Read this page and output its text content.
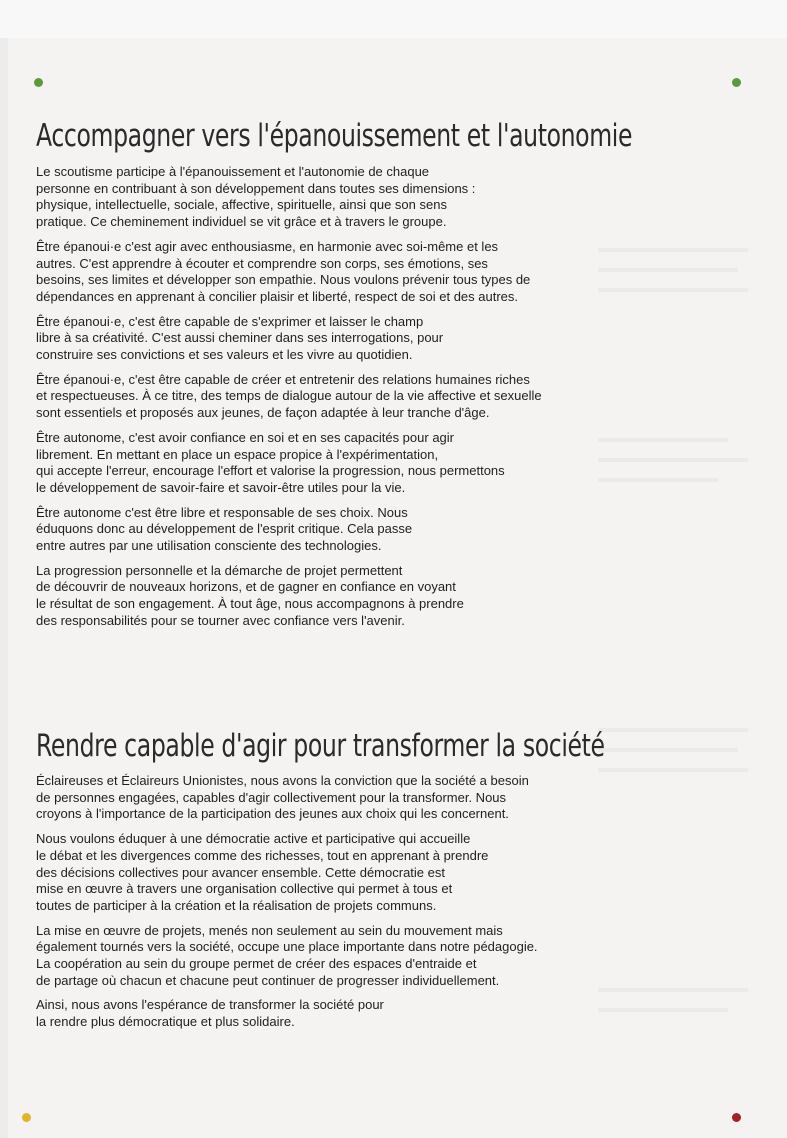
Accompagner vers l'épanouissement et l'autonomie

Le scoutisme participe à l'épanouissement et l'autonomie de chaque
personne en contribuant à son développement dans toutes ses dimensions :
physique, intellectuelle, sociale, affective, spirituelle, ainsi que son sens
pratique. Ce cheminement individuel se vit grâce et à travers le groupe.

Être épanoui·e c'est agir avec enthousiasme, en harmonie avec soi-même et les
autres. C'est apprendre à écouter et comprendre son corps, ses émotions, ses
besoins, ses limites et développer son empathie. Nous voulons prévenir tous types de
dépendances en apprenant à concilier plaisir et liberté, respect de soi et des autres.

Être épanoui·e, c'est être capable de s'exprimer et laisser le champ
libre à sa créativité. C'est aussi cheminer dans ses interrogations, pour
construire ses convictions et ses valeurs et les vivre au quotidien.

Être épanoui·e, c'est être capable de créer et entretenir des relations humaines riches
et respectueuses. À ce titre, des temps de dialogue autour de la vie affective et sexuelle
sont essentiels et proposés aux jeunes, de façon adaptée à leur tranche d'âge.

Être autonome, c'est avoir confiance en soi et en ses capacités pour agir
librement. En mettant en place un espace propice à l'expérimentation,
qui accepte l'erreur, encourage l'effort et valorise la progression, nous permettons
le développement de savoir-faire et savoir-être utiles pour la vie.

Être autonome c'est être libre et responsable de ses choix. Nous
éduquons donc au développement de l'esprit critique. Cela passe
entre autres par une utilisation consciente des technologies.

La progression personnelle et la démarche de projet permettent
de découvrir de nouveaux horizons, et de gagner en confiance en voyant
le résultat de son engagement. À tout âge, nous accompagnons à prendre
des responsabilités pour se tourner avec confiance vers l'avenir.

Rendre capable d'agir pour transformer la société

Éclaireuses et Éclaireurs Unionistes, nous avons la conviction que la société a besoin
de personnes engagées, capables d'agir collectivement pour la transformer. Nous
croyons à l'importance de la participation des jeunes aux choix qui les concernent.

Nous voulons éduquer à une démocratie active et participative qui accueille
le débat et les divergences comme des richesses, tout en apprenant à prendre
des décisions collectives pour avancer ensemble. Cette démocratie est
mise en œuvre à travers une organisation collective qui permet à tous et
toutes de participer à la création et la réalisation de projets communs.

La mise en œuvre de projets, menés non seulement au sein du mouvement mais
également tournés vers la société, occupe une place importante dans notre pédagogie.
La coopération au sein du groupe permet de créer des espaces d'entraide et
de partage où chacun et chacune peut continuer de progresser individuellement.

Ainsi, nous avons l'espérance de transformer la société pour
la rendre plus démocratique et plus solidaire.
